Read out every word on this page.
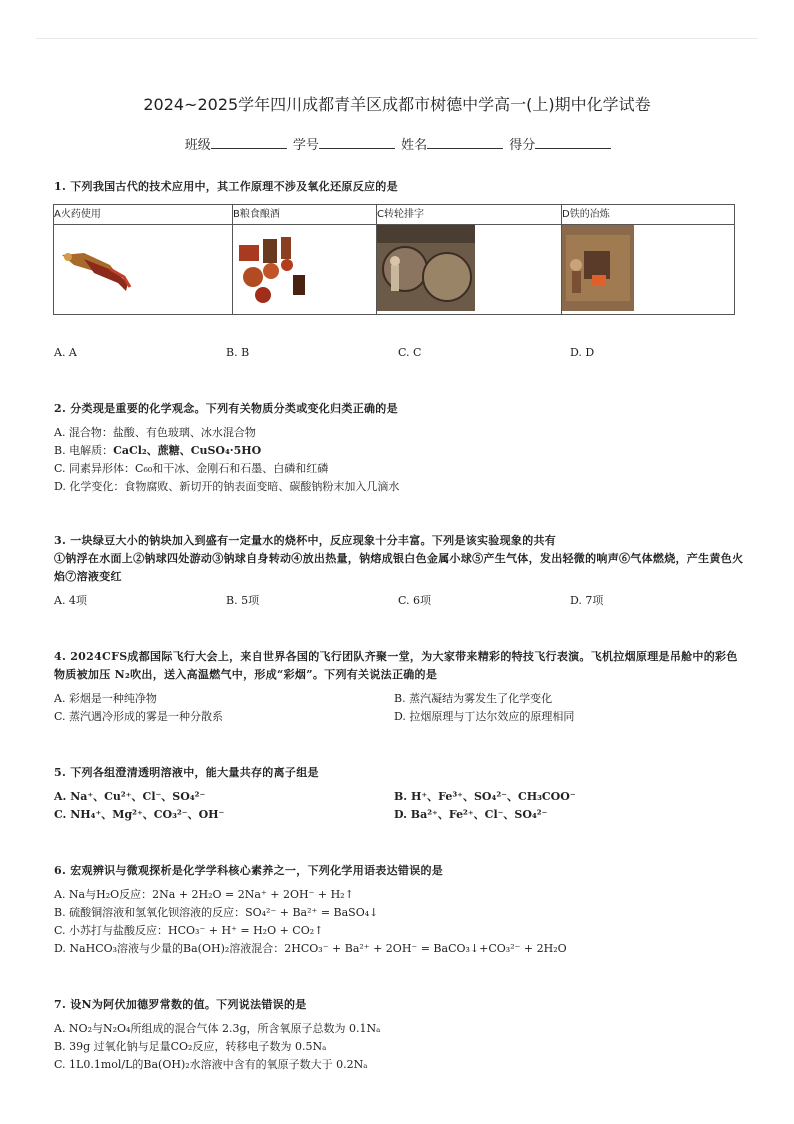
2024~2025学年四川成都青羊区成都市树德中学高一(上)期中化学试卷
班级	学号	姓名	得分
1. 下列我国古代的技术应用中，其工作原理不涉及氧化还原反应的是
A火药使用	B粮食酿酒	C转轮排字	D铁的冶炼

A. A	B. B	C. C	D. D
2. 分类现是重要的化学观念。下列有关物质分类或变化归类正确的是
A. 混合物：盐酸、有色玻璃、冰水混合物
B. 电解质：CaCl₂、蔗糖、CuSO₄·5HO
C. 同素异形体：C₆₀和干冰、金刚石和石墨、白磷和红磷
D. 化学变化：食物腐败、新切开的钠表面变暗、碳酸钠粉末加入几滴水
3. 一块绿豆大小的钠块加入到盛有一定量水的烧杯中，反应现象十分丰富。下列是该实验现象的共有
①钠浮在水面上②钠球四处游动③钠球自身转动④放出热量，钠熔成银白色金属小球⑤产生气体，发出轻微的响声⑥气体燃烧，产生黄色火焰⑦溶液变红
A. 4项	B. 5项	C. 6项	D. 7项
4. 2024CFS成都国际飞行大会上，来自世界各国的飞行团队齐聚一堂，为大家带来精彩的特技飞行表演。飞机拉烟原理是吊舱中的彩色物质被加压 N₂吹出，送入高温燃气中，形成“彩烟”。下列有关说法正确的是
A. 彩烟是一种纯净物	B. 蒸汽凝结为雾发生了化学变化
C. 蒸汽遇冷形成的雾是一种分散系	D. 拉烟原理与丁达尔效应的原理相同
5. 下列各组澄清透明溶液中，能大量共存的离子组是
A. Na⁺、Cu²⁺、Cl⁻、SO₄²⁻	B. H⁺、Fe³⁺、SO₄²⁻、CH₃COO⁻
C. NH₄⁺、Mg²⁺、CO₃²⁻、OH⁻	D. Ba²⁺、Fe²⁺、Cl⁻、SO₄²⁻
6. 宏观辨识与微观探析是化学学科核心素养之一，下列化学用语表达错误的是
A. Na与H₂O反应：2Na + 2H₂O = 2Na⁺ + 2OH⁻ + H₂↑
B. 硫酸铜溶液和氢氧化钡溶液的反应：SO₄²⁻ + Ba²⁺ = BaSO₄↓
C. 小苏打与盐酸反应：HCO₃⁻ + H⁺ = H₂O + CO₂↑
D. NaHCO₃溶液与少量的Ba(OH)₂溶液混合：2HCO₃⁻ + Ba²⁺ + 2OH⁻ = BaCO₃↓+CO₃²⁻ + 2H₂O
7. 设N为阿伏加德罗常数的值。下列说法错误的是
A. NO₂与N₂O₄所组成的混合气体 2.3g，所含氧原子总数为 0.1Nₐ
B. 39g 过氧化钠与足量CO₂反应，转移电子数为 0.5Nₐ
C. 1L0.1mol/L的Ba(OH)₂水溶液中含有的氧原子数大于 0.2Nₐ
